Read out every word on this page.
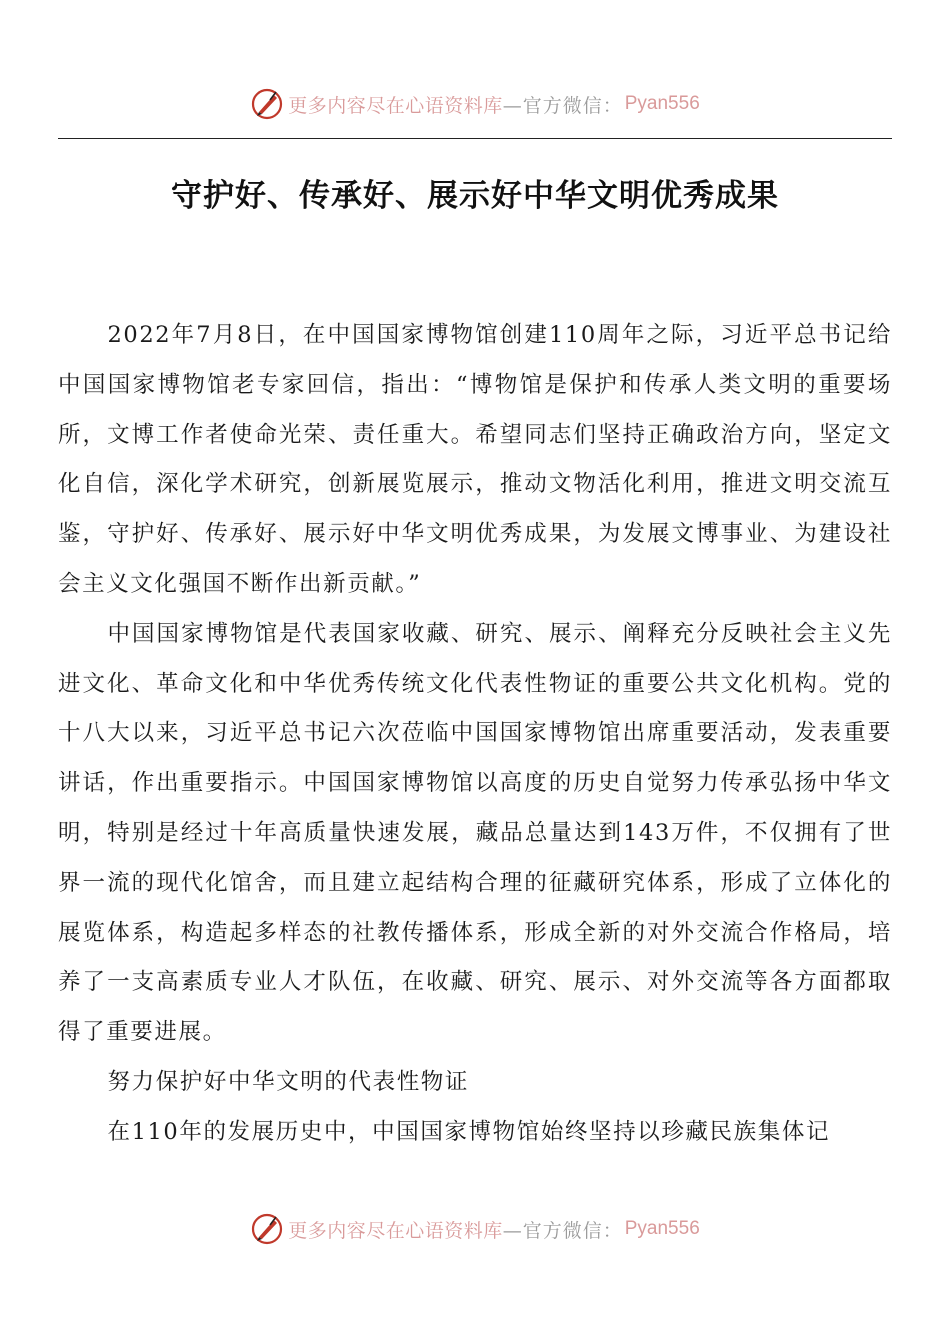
更多内容尽在心语资料库 —官方微信： Pyan556
守护好、传承好、展示好中华文明优秀成果

2022年7月8日，在中国国家博物馆创建110周年之际，习近平总书记给中国国家博物馆老专家回信，指出：“博物馆是保护和传承人类文明的重要场所，文博工作者使命光荣、责任重大。希望同志们坚持正确政治方向，坚定文化自信，深化学术研究，创新展览展示，推动文物活化利用，推进文明交流互鉴，守护好、传承好、展示好中华文明优秀成果，为发展文博事业、为建设社会主义文化强国不断作出新贡献。”

中国国家博物馆是代表国家收藏、研究、展示、阐释充分反映社会主义先进文化、革命文化和中华优秀传统文化代表性物证的重要公共文化机构。党的十八大以来，习近平总书记六次莅临中国国家博物馆出席重要活动，发表重要讲话，作出重要指示。中国国家博物馆以高度的历史自觉努力传承弘扬中华文明，特别是经过十年高质量快速发展，藏品总量达到143万件，不仅拥有了世界一流的现代化馆舍，而且建立起结构合理的征藏研究体系，形成了立体化的展览体系，构造起多样态的社教传播体系，形成全新的对外交流合作格局，培养了一支高素质专业人才队伍，在收藏、研究、展示、对外交流等各方面都取得了重要进展。

努力保护好中华文明的代表性物证

在110年的发展历史中，中国国家博物馆始终坚持以珍藏民族集体记

更多内容尽在心语资料库 —官方微信： Pyan556
